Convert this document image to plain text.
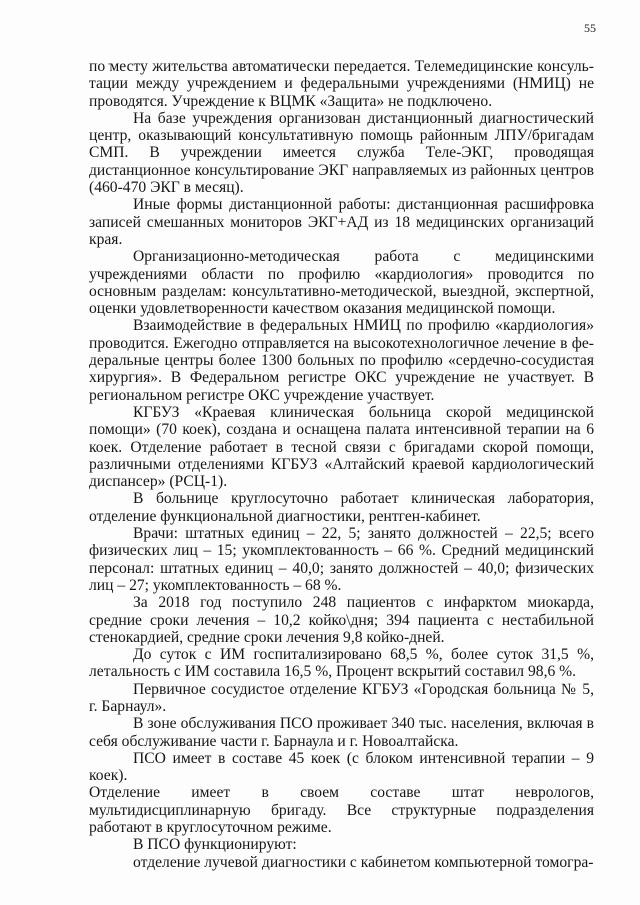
55

по месту жительства автоматически передается. Телемедицинские консультации между учреждением и федеральными учреждениями (НМИЦ) не проводятся. Учреждение к ВЦМК «Защита» не подключено.

На базе учреждения организован дистанционный диагностический центр, оказывающий консультативную помощь районным ЛПУ/бригадам СМП. В учреждении имеется служба Теле-ЭКГ, проводящая дистанционное консультирование ЭКГ направляемых из районных центров (460-470 ЭКГ в месяц).

Иные формы дистанционной работы: дистанционная расшифровка записей смешанных мониторов ЭКГ+АД из 18 медицинских организаций края.

Организационно-методическая работа с медицинскими учреждениями области по профилю «кардиология» проводится по основным разделам: консультативно-методической, выездной, экспертной, оценки удовлетворенности качеством оказания медицинской помощи.

Взаимодействие в федеральных НМИЦ по профилю «кардиология» проводится. Ежегодно отправляется на высокотехнологичное лечение в федеральные центры более 1300 больных по профилю «сердечно-сосудистая хирургия». В Федеральном регистре ОКС учреждение не участвует. В региональном регистре ОКС учреждение участвует.

КГБУЗ «Краевая клиническая больница скорой медицинской помощи» (70 коек), создана и оснащена палата интенсивной терапии на 6 коек. Отделение работает в тесной связи с бригадами скорой помощи, различными отделениями КГБУЗ «Алтайский краевой кардиологический диспансер» (РСЦ-1).

В больнице круглосуточно работает клиническая лаборатория, отделение функциональной диагностики, рентген-кабинет.

Врачи: штатных единиц – 22, 5; занято должностей – 22,5; всего физических лиц – 15; укомплектованность – 66 %. Средний медицинский персонал: штатных единиц – 40,0; занято должностей – 40,0; физических лиц – 27; укомплектованность – 68 %.

За 2018 год поступило 248 пациентов с инфарктом миокарда, средние сроки лечения – 10,2 койко\дня; 394 пациента с нестабильной стенокардией, средние сроки лечения 9,8 койко-дней.

До суток с ИМ госпитализировано 68,5 %, более суток 31,5 %, летальность с ИМ составила 16,5 %, Процент вскрытий составил 98,6 %.

Первичное сосудистое отделение КГБУЗ «Городская больница № 5, г. Барнаул».

В зоне обслуживания ПСО проживает 340 тыс. населения, включая в себя обслуживание части г. Барнаула и г. Новоалтайска.

ПСО имеет в составе 45 коек (с блоком интенсивной терапии – 9 коек).

Отделение имеет в своем составе штат неврологов, мультидисциплинарную бригаду. Все структурные подразделения работают в круглосуточном режиме.

В ПСО функционируют:

отделение лучевой диагностики с кабинетом компьютерной томогра-
